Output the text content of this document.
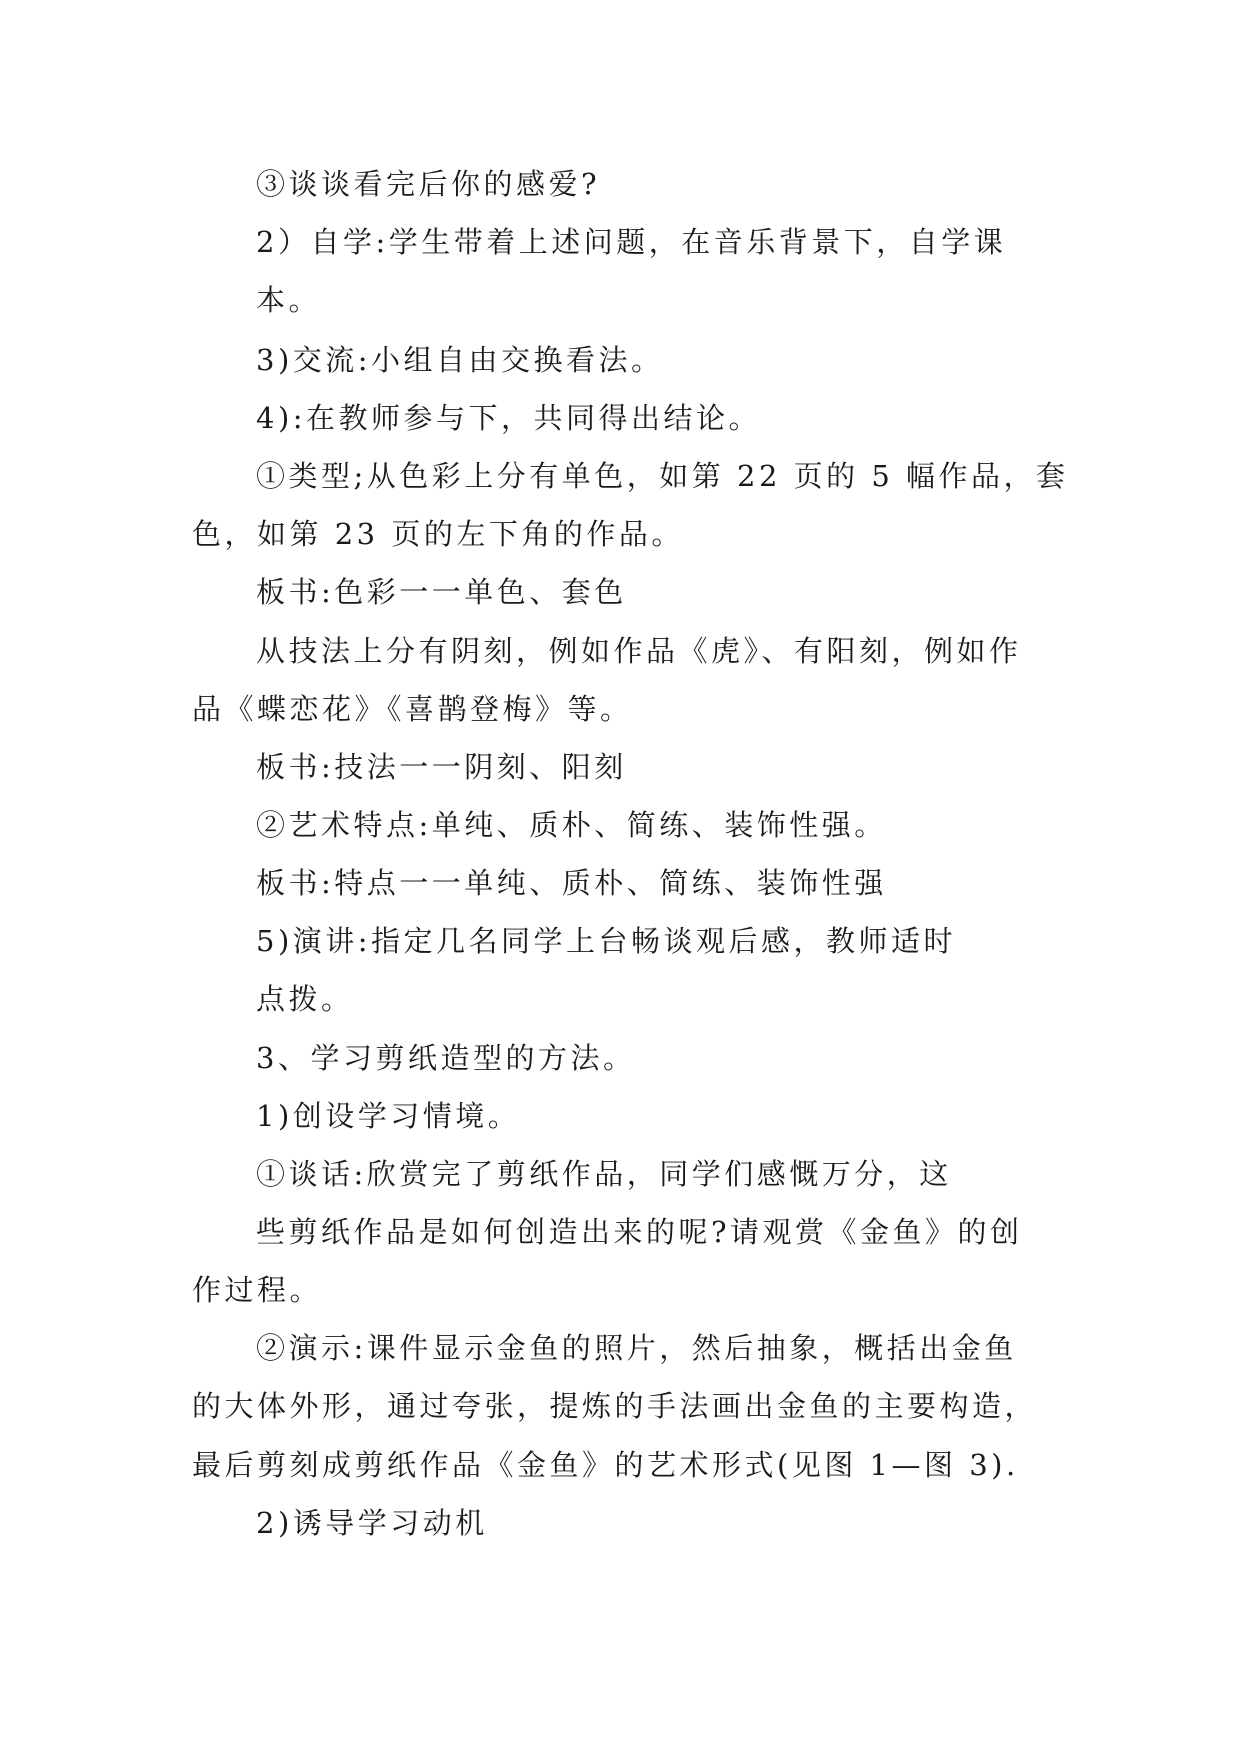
③谈谈看完后你的感爱?
2）自学:学生带着上述问题，在音乐背景下，自学课
本。
3)交流:小组自由交换看法。
4):在教师参与下，共同得出结论。
①类型;从色彩上分有单色，如第 22 页的 5 幅作品，套
色，如第 23 页的左下角的作品。
板书:色彩一一单色、套色
从技法上分有阴刻，例如作品《虎》、有阳刻，例如作
品《蝶恋花》《喜鹊登梅》等。
板书:技法一一阴刻、阳刻
②艺术特点:单纯、质朴、简练、装饰性强。
板书:特点一一单纯、质朴、简练、装饰性强
5)演讲:指定几名同学上台畅谈观后感，教师适时
点拨。
3、学习剪纸造型的方法。
1)创设学习情境。
①谈话:欣赏完了剪纸作品，同学们感慨万分，这
些剪纸作品是如何创造出来的呢?请观赏《金鱼》的创
作过程。
②演示:课件显示金鱼的照片，然后抽象，概括出金鱼
的大体外形，通过夸张，提炼的手法画出金鱼的主要构造，
最后剪刻成剪纸作品《金鱼》的艺术形式(见图 1—图 3).
2)诱导学习动机
